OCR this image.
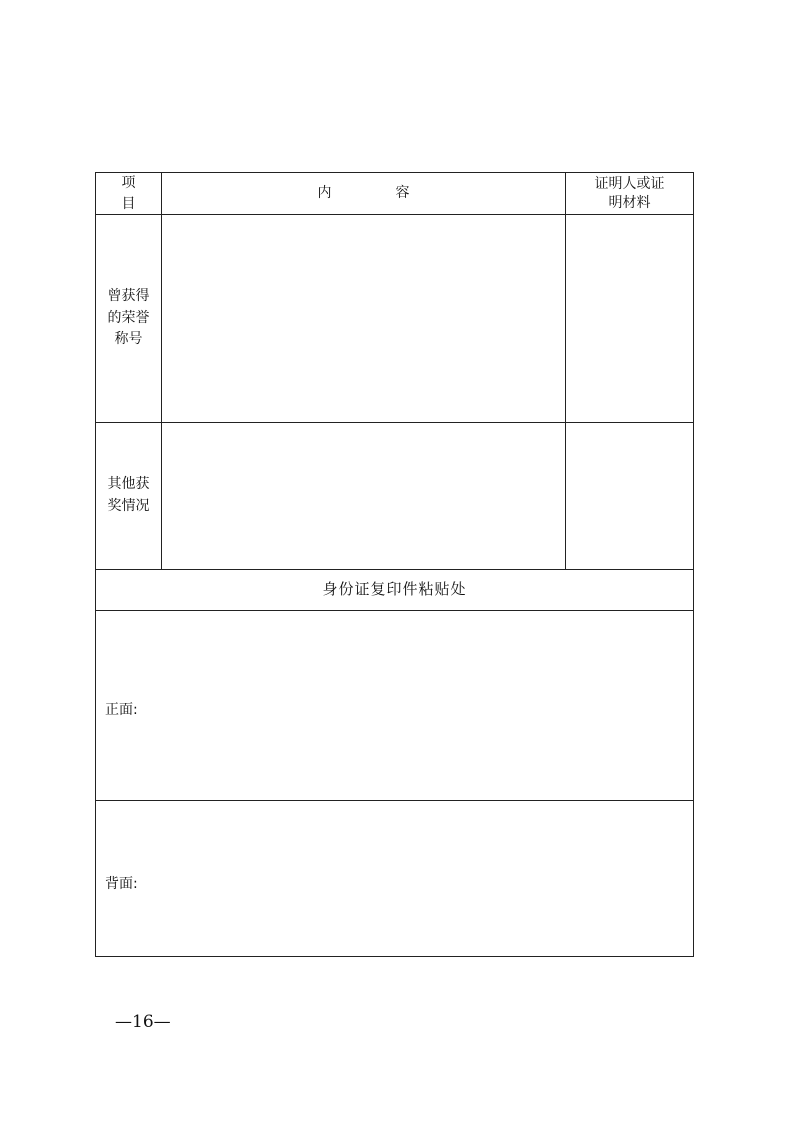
项目
内容
证明人或证明材料
曾获得的荣誉称号
其他获奖情况
身份证复印件粘贴处
正面:
背面:
—16—
